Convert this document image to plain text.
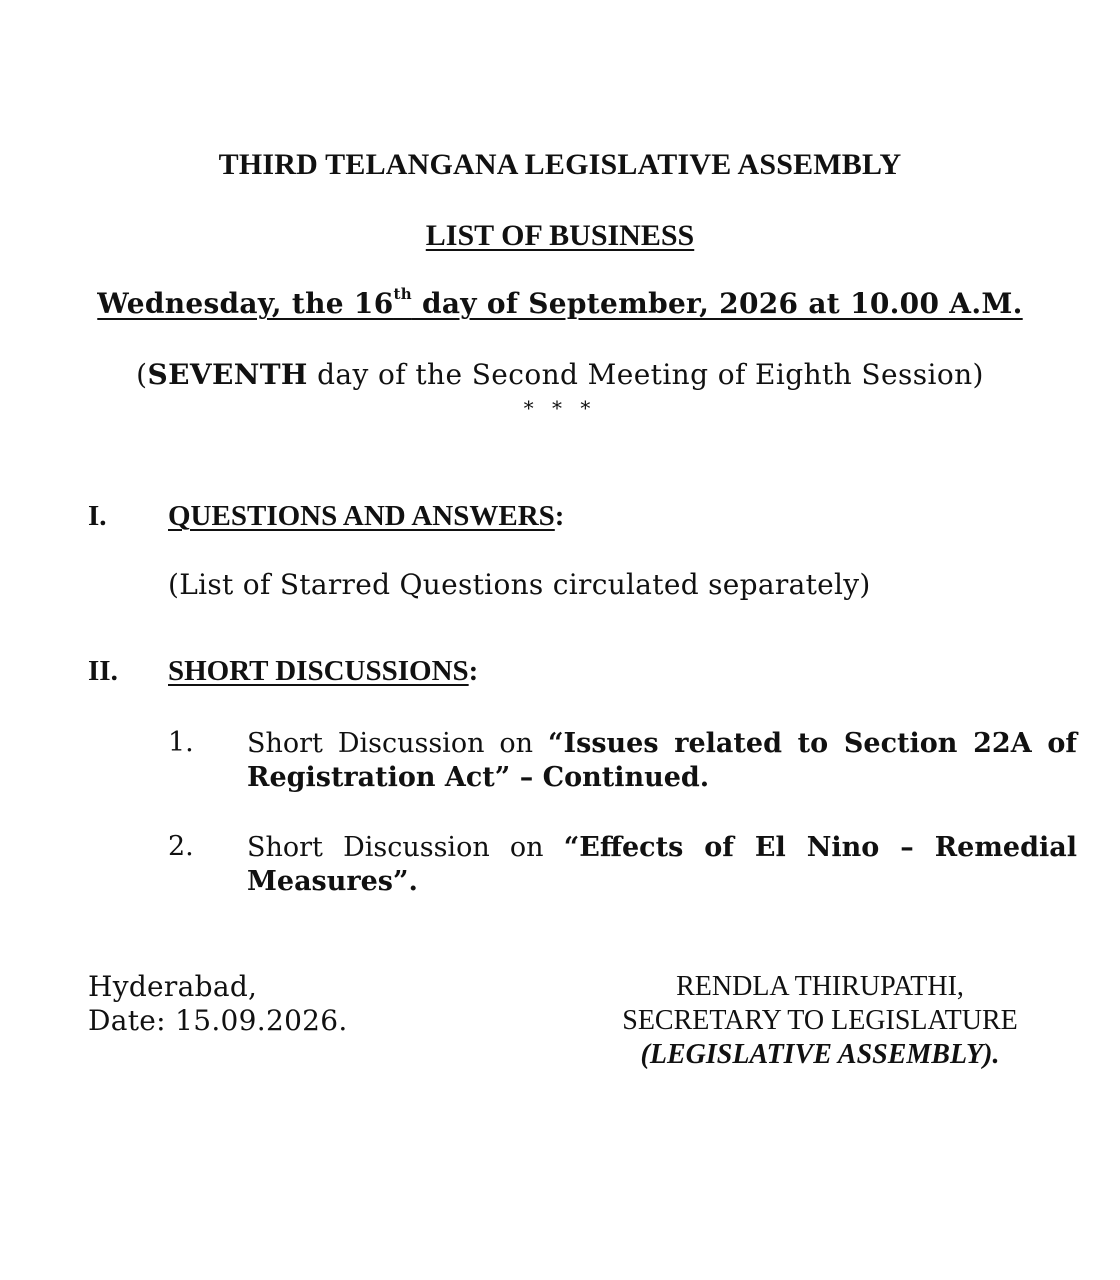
THIRD TELANGANA LEGISLATIVE ASSEMBLY
LIST OF BUSINESS
Wednesday, the 16th day of September, 2026 at 10.00 A.M.
(SEVENTH day of the Second Meeting of Eighth Session)
* * *
I. QUESTIONS AND ANSWERS:
(List of Starred Questions circulated separately)
II. SHORT DISCUSSIONS:
1. Short Discussion on “Issues related to Section 22A of Registration Act” – Continued.
2. Short Discussion on “Effects of El Nino – Remedial Measures”.
Hyderabad,
Date: 15.09.2026.
RENDLA THIRUPATHI,
SECRETARY TO LEGISLATURE
(LEGISLATIVE ASSEMBLY).
